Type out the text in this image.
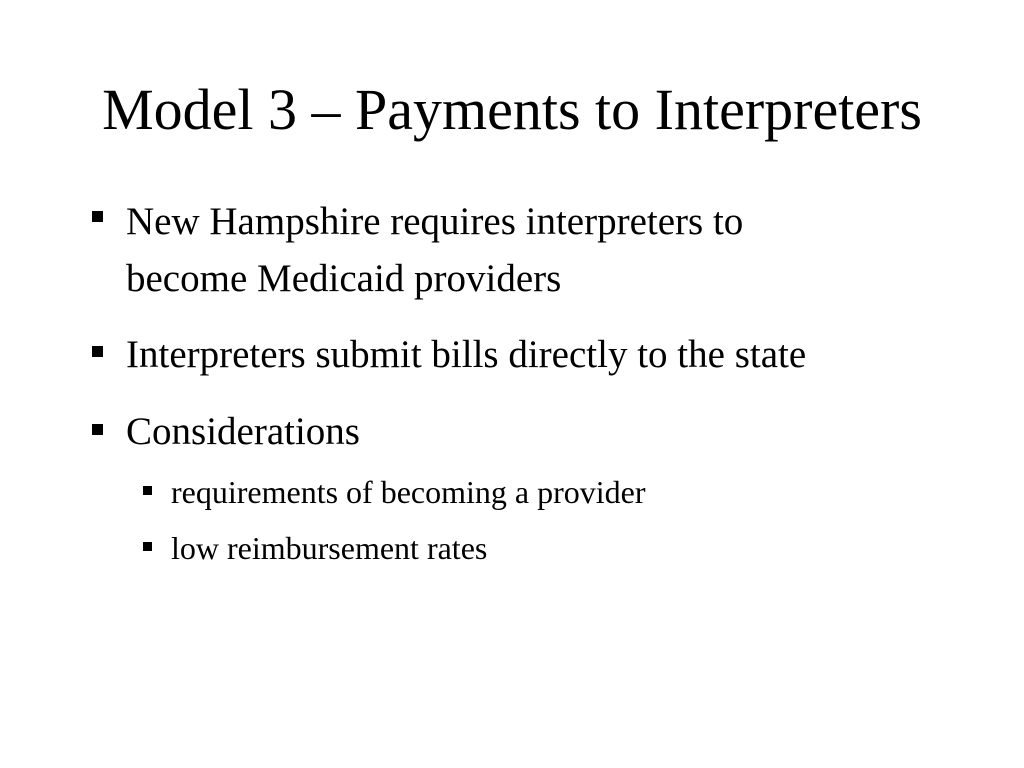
Model 3 – Payments to Interpreters
New Hampshire requires interpreters to
become Medicaid providers
Interpreters submit bills directly to the state
Considerations
requirements of becoming a provider
low reimbursement rates
